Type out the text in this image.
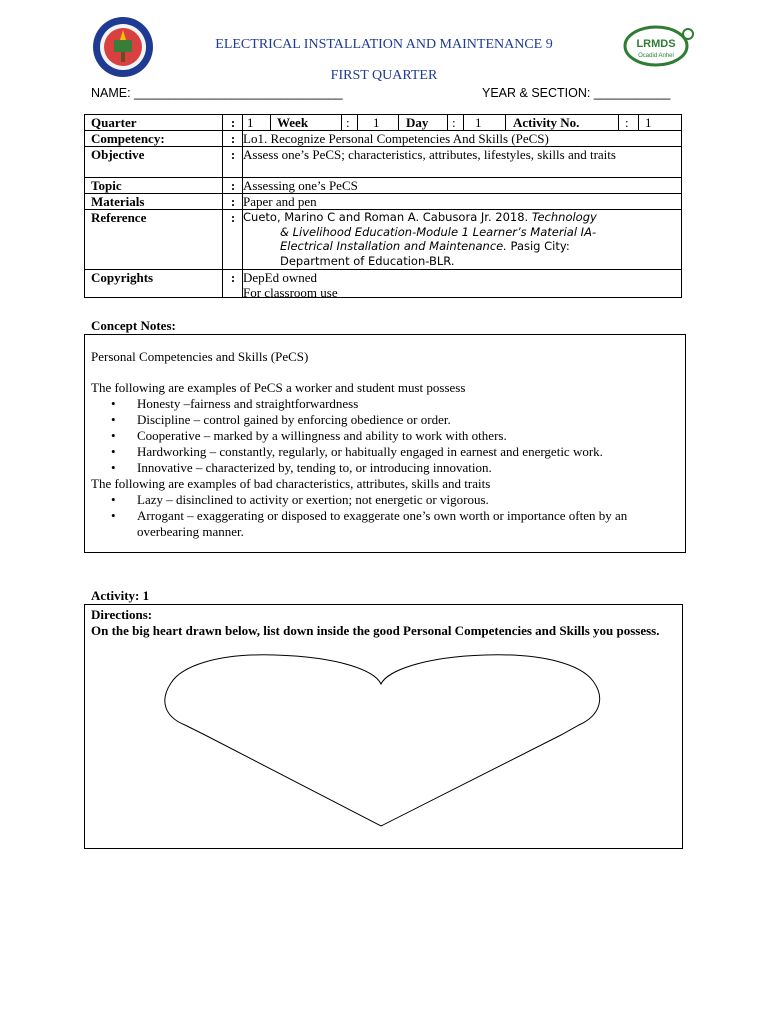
LRMDS
Ocadid Anhel
ELECTRICAL INSTALLATION AND MAINTENANCE 9
FIRST QUARTER
NAME: ______________________________	YEAR & SECTION: ___________
Quarter	: 1 Week	: 1 Day : 1 Activity No.	: 1
Competency:	: Lo1. Recognize Personal Competencies And Skills (PeCS)
Objective	: Assess one’s PeCS; characteristics, attributes, lifestyles, skills and traits
Topic	: Assessing one’s PeCS
Materials	: Paper and pen
Reference	: Cueto, Marino C and Roman A. Cabusora Jr. 2018. Technology
& Livelihood Education-Module 1 Learner’s Material IA-
Electrical Installation and Maintenance. Pasig City:
Department of Education-BLR.
Copyrights	: DepEd owned
For classroom use
Concept Notes:

Personal Competencies and Skills (PeCS)

The following are examples of PeCS a worker and student must possess

• Honesty –fairness and straightforwardness
• Discipline – control gained by enforcing obedience or order.
• Cooperative – marked by a willingness and ability to work with others.
• Hardworking – constantly, regularly, or habitually engaged in earnest and energetic work.
• Innovative – characterized by, tending to, or introducing innovation.

The following are examples of bad characteristics, attributes, skills and traits

• Lazy – disinclined to activity or exertion; not energetic or vigorous.
• Arrogant – exaggerating or disposed to exaggerate one’s own worth or importance often by an overbearing manner.
Activity: 1
Directions:
On the big heart drawn below, list down inside the good Personal Competencies and Skills you possess.
